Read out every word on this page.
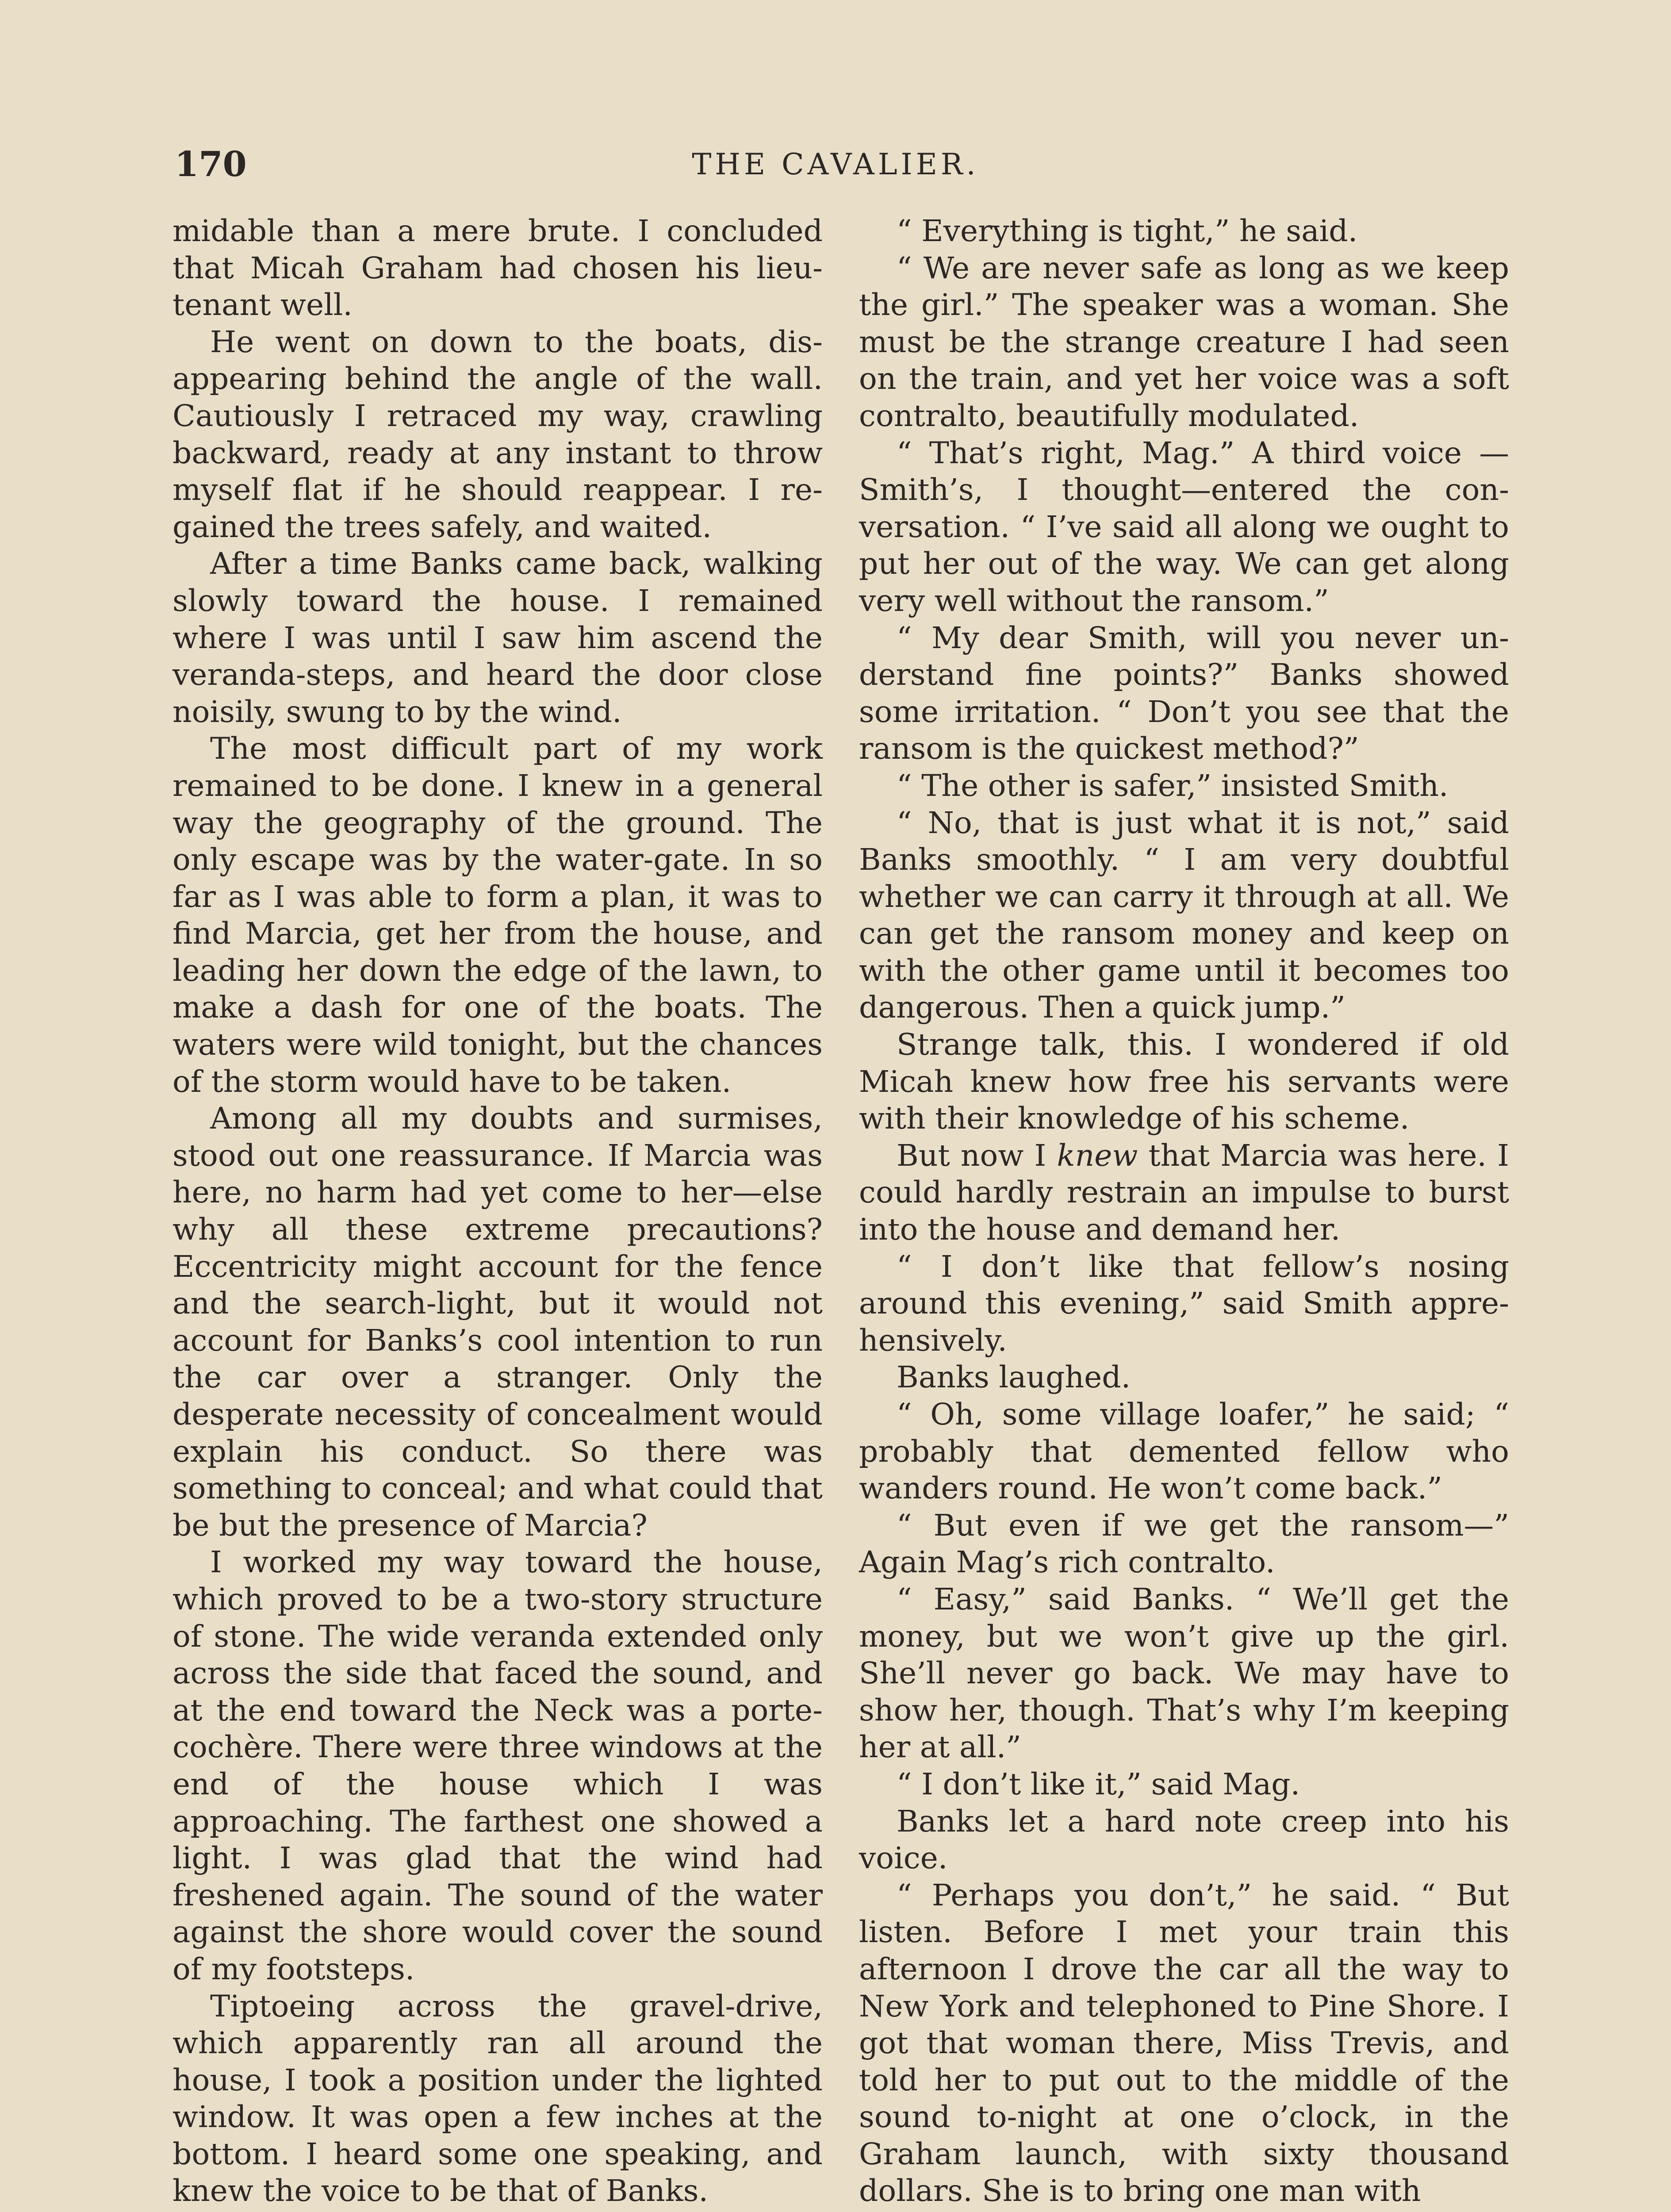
170	THE CAVALIER.

midable than a mere brute. I concluded that Micah Graham had chosen his lieutenant well.

He went on down to the boats, disappearing behind the angle of the wall. Cautiously I retraced my way, crawling backward, ready at any instant to throw myself flat if he should reappear. I regained the trees safely, and waited.

After a time Banks came back, walking slowly toward the house. I remained where I was until I saw him ascend the veranda-steps, and heard the door close noisily, swung to by the wind.

The most difficult part of my work remained to be done. I knew in a general way the geography of the ground. The only escape was by the water-gate. In so far as I was able to form a plan, it was to find Marcia, get her from the house, and leading her down the edge of the lawn, to make a dash for one of the boats. The waters were wild tonight, but the chances of the storm would have to be taken.

Among all my doubts and surmises, stood out one reassurance. If Marcia was here, no harm had yet come to her—else why all these extreme precautions? Eccentricity might account for the fence and the search-light, but it would not account for Banks’s cool intention to run the car over a stranger. Only the desperate necessity of concealment would explain his conduct. So there was something to conceal; and what could that be but the presence of Marcia?

I worked my way toward the house, which proved to be a two-story structure of stone. The wide veranda extended only across the side that faced the sound, and at the end toward the Neck was a porte-cochère. There were three windows at the end of the house which I was approaching. The farthest one showed a light. I was glad that the wind had freshened again. The sound of the water against the shore would cover the sound of my footsteps.

Tiptoeing across the gravel-drive, which apparently ran all around the house, I took a position under the lighted window. It was open a few inches at the bottom. I heard some one speaking, and knew the voice to be that of Banks.

“ Everything is tight,” he said.

“ We are never safe as long as we keep the girl.” The speaker was a woman. She must be the strange creature I had seen on the train, and yet her voice was a soft contralto, beautifully modulated.

“ That’s right, Mag.” A third voice —Smith’s, I thought—entered the conversation. “ I’ve said all along we ought to put her out of the way. We can get along very well without the ransom.”

“ My dear Smith, will you never understand fine points?” Banks showed some irritation. “ Don’t you see that the ransom is the quickest method?”

“ The other is safer,” insisted Smith.

“ No, that is just what it is not,” said Banks smoothly. “ I am very doubtful whether we can carry it through at all. We can get the ransom money and keep on with the other game until it becomes too dangerous. Then a quick jump.”

Strange talk, this. I wondered if old Micah knew how free his servants were with their knowledge of his scheme.

But now I knew that Marcia was here. I could hardly restrain an impulse to burst into the house and demand her.

“ I don’t like that fellow’s nosing around this evening,” said Smith apprehensively.

Banks laughed.

“ Oh, some village loafer,” he said; “ probably that demented fellow who wanders round. He won’t come back.”

“ But even if we get the ransom—” Again Mag’s rich contralto.

“ Easy,” said Banks. “ We’ll get the money, but we won’t give up the girl. She’ll never go back. We may have to show her, though. That’s why I’m keeping her at all.”

“ I don’t like it,” said Mag.

Banks let a hard note creep into his voice.

“ Perhaps you don’t,” he said. “ But listen. Before I met your train this afternoon I drove the car all the way to New York and telephoned to Pine Shore. I got that woman there, Miss Trevis, and told her to put out to the middle of the sound to-night at one o’clock, in the Graham launch, with sixty thousand dollars. She is to bring one man with
